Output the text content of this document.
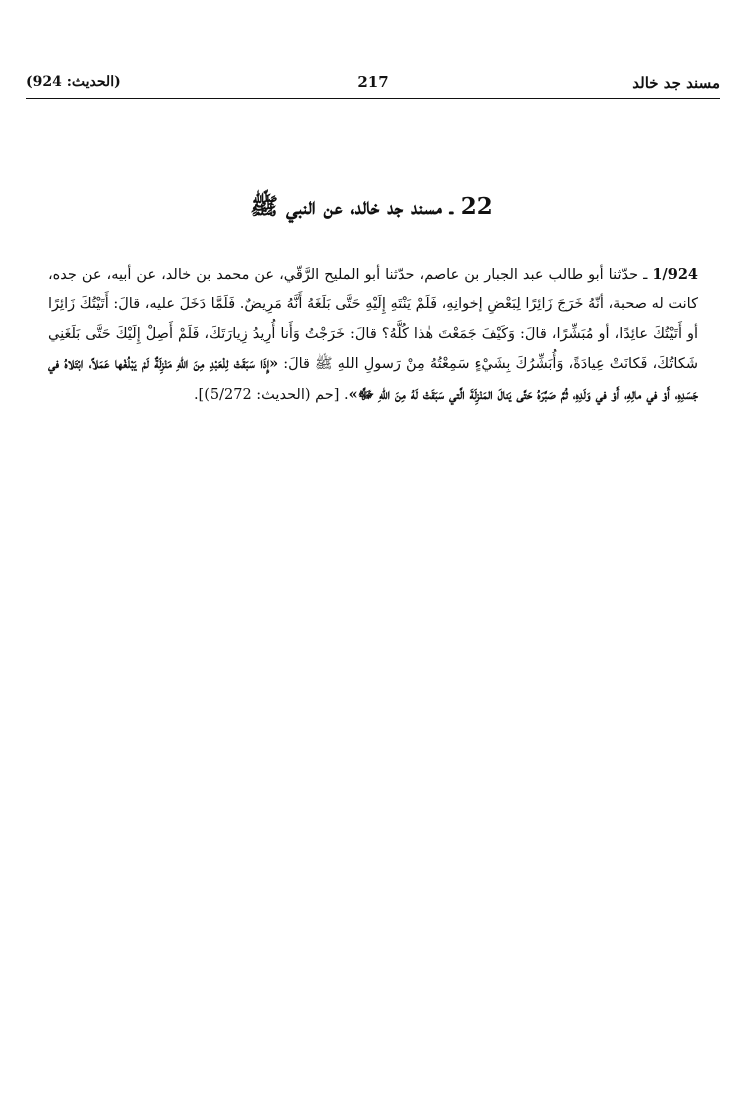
مسند جد خالد
217
(الحديث: 924)
22 ـ مسند جد خالد، عن النبي ﷺ

1/924 ـ حدّثنا أبو طالب عبد الجبار بن عاصم، حدّثنا أبو المليح الرَّقّي، عن محمد بن خالد، عن أبيه، عن جده، كانت له صحبة، أنّهُ خَرَجَ زَائِرًا لِبَعْضِ إخوانِهِ، فَلَمْ يَنْتَهِ إِلَيْهِ حَتَّى بَلَغَهُ أَنَّهُ مَرِيضٌ. فَلَمَّا دَخَلَ عليه، قالَ: أَتَيْتُكَ زَائِرًا أو أَتَيْتُكَ عائِدًا، أو مُبَشِّرًا، قالَ: وَكَيْفَ جَمَعْتَ هٰذا كُلَّهُ؟ قالَ: خَرَجْتُ وَأَنا أُرِيدُ زِيارَتَكَ، فَلَمْ أَصِلْ إِلَيْكَ حَتَّى بَلَغَنِي شَكاتُكَ، فَكانَتْ عِيادَةً، وَأُبَشِّرُكَ بِشَيْءٍ سَمِعْتُهُ مِنْ رَسولِ اللهِ ﷺ قالَ: «إِذَا سَبَقَتْ لِلْعَبْدِ مِنَ اللهِ مَنْزِلَةٌ لَمْ يَبْلُغْها عَمَلاً، ابْتَلاهُ في جَسَدِهِ، أَوْ في مالِهِ، أَوْ في وَلَدِهِ، ثُمَّ صَبَّرَهُ حَتَّى يَنالَ المَنْزِلَةَ الَّتي سَبَقَتْ لَهُ مِنَ اللهِ ﷻ». [حم (الحديث: 5/272)].
